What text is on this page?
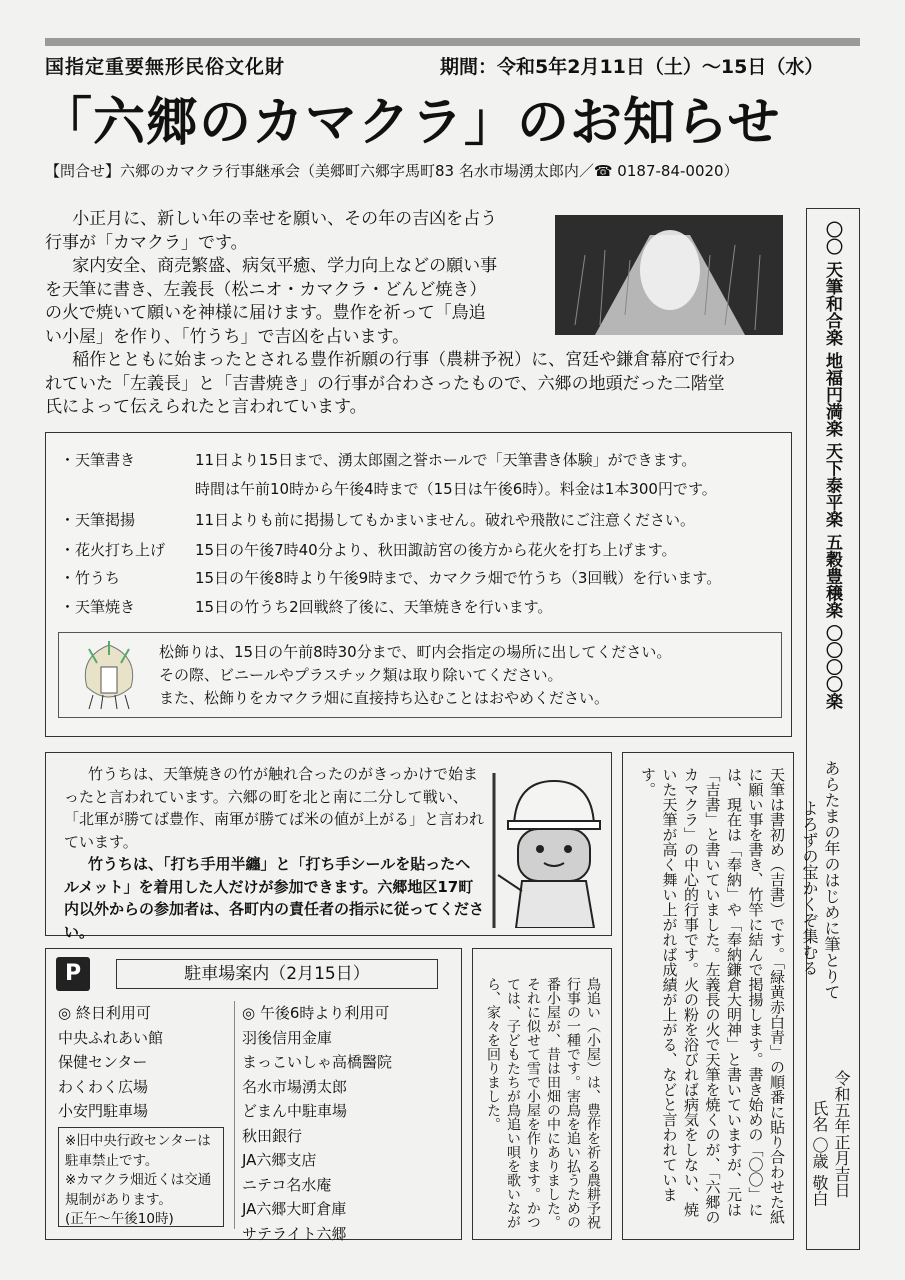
国指定重要無形民俗文化財	期間：令和5年2月11日（土）～15日（水）
「六郷のカマクラ」のお知らせ
【問合せ】六郷のカマクラ行事継承会（美郷町六郷字馬町83 名水市場湧太郎内／☎ 0187-84-0020）

小正月に、新しい年の幸せを願い、その年の吉凶を占う

行事が「カマクラ」です。

家内安全、商売繁盛、病気平癒、学力向上などの願い事

を天筆に書き、左義長（松ニオ・カマクラ・どんど焼き）

の火で焼いて願いを神様に届けます。豊作を祈って「鳥追

い小屋」を作り、「竹うち」で吉凶を占います。

稲作とともに始まったとされる豊作祈願の行事（農耕予祝）に、宮廷や鎌倉幕府で行わ

れていた「左義長」と「吉書焼き」の行事が合わさったもので、六郷の地頭だった二階堂

氏によって伝えられたと言われています。

・天筆書き	11日より15日まで、湧太郎園之誉ホールで「天筆書き体験」ができます。
時間は午前10時から午後4時まで（15日は午後6時）。料金は1本300円です。
・天筆掲揚	11日よりも前に掲揚してもかまいません。破れや飛散にご注意ください。
・花火打ち上げ 15日の午後7時40分より、秋田諏訪宮の後方から花火を打ち上げます。
・竹うち	15日の午後8時より午後9時まで、カマクラ畑で竹うち（3回戦）を行います。
・天筆焼き	15日の竹うち2回戦終了後に、天筆焼きを行います。
松飾りは、15日の午前8時30分まで、町内会指定の場所に出してください。
その際、ビニールやプラスチック類は取り除いてください。
また、松飾りをカマクラ畑に直接持ち込むことはおやめください。

竹うちは、天筆焼きの竹が触れ合ったのがきっかけで始まったと言われています。六郷の町を北と南に二分して戦い、「北軍が勝てば豊作、南軍が勝てば米の値が上がる」と言われています。

竹うちは、「打ち手用半纏」と「打ち手シールを貼ったヘルメット」を着用した人だけが参加できます。六郷地区17町内以外からの参加者は、各町内の責任者の指示に従ってください。

P	駐車場案内（2月15日）
◎ 終日利用可
中央ふれあい館
保健センター
わくわく広場
小安門駐車場
◎ 午後6時より利用可
羽後信用金庫
まっこいしゃ高橋醫院
名水市場湧太郎
どまん中駐車場
秋田銀行
JA六郷支店
ニテコ名水庵
JA六郷大町倉庫
サテライト六郷
※旧中央行政センターは駐車禁止です。
※カマクラ畑近くは交通規制があります。
(正午～午後10時)	鳥追い（小屋）は、豊作を祈る農耕予祝行事の一種です。害鳥を追い払うための番小屋が、昔は田畑の中にありました。それに似せて雪で小屋を作ります。かつては、子どもたちが鳥追い唄を歌いながら、家々を回りました。	天筆は書初め（吉書）です。「緑黄赤白青」の順番に貼り合わせた紙に願い事を書き、竹竿に結んで掲揚します。書き始めの「〇〇」には、現在は「奉納」や「奉納鎌倉大明神」と書いていますが、元は「吉書」と書いていました。左義長の火で天筆を焼くのが、「六郷のカマクラ」の中心的行事です。火の粉を浴びれば病気をしない、焼いた天筆が高く舞い上がれば成績が上がる、などと言われています。
〇〇 天筆和合楽 地福円満楽 天下泰平楽 五穀豊穣楽 〇〇〇〇楽
あらたまの年のはじめに筆とりて
よろずの宝かくぞ集むる
令和五年正月吉日
氏名 〇歳 敬白
